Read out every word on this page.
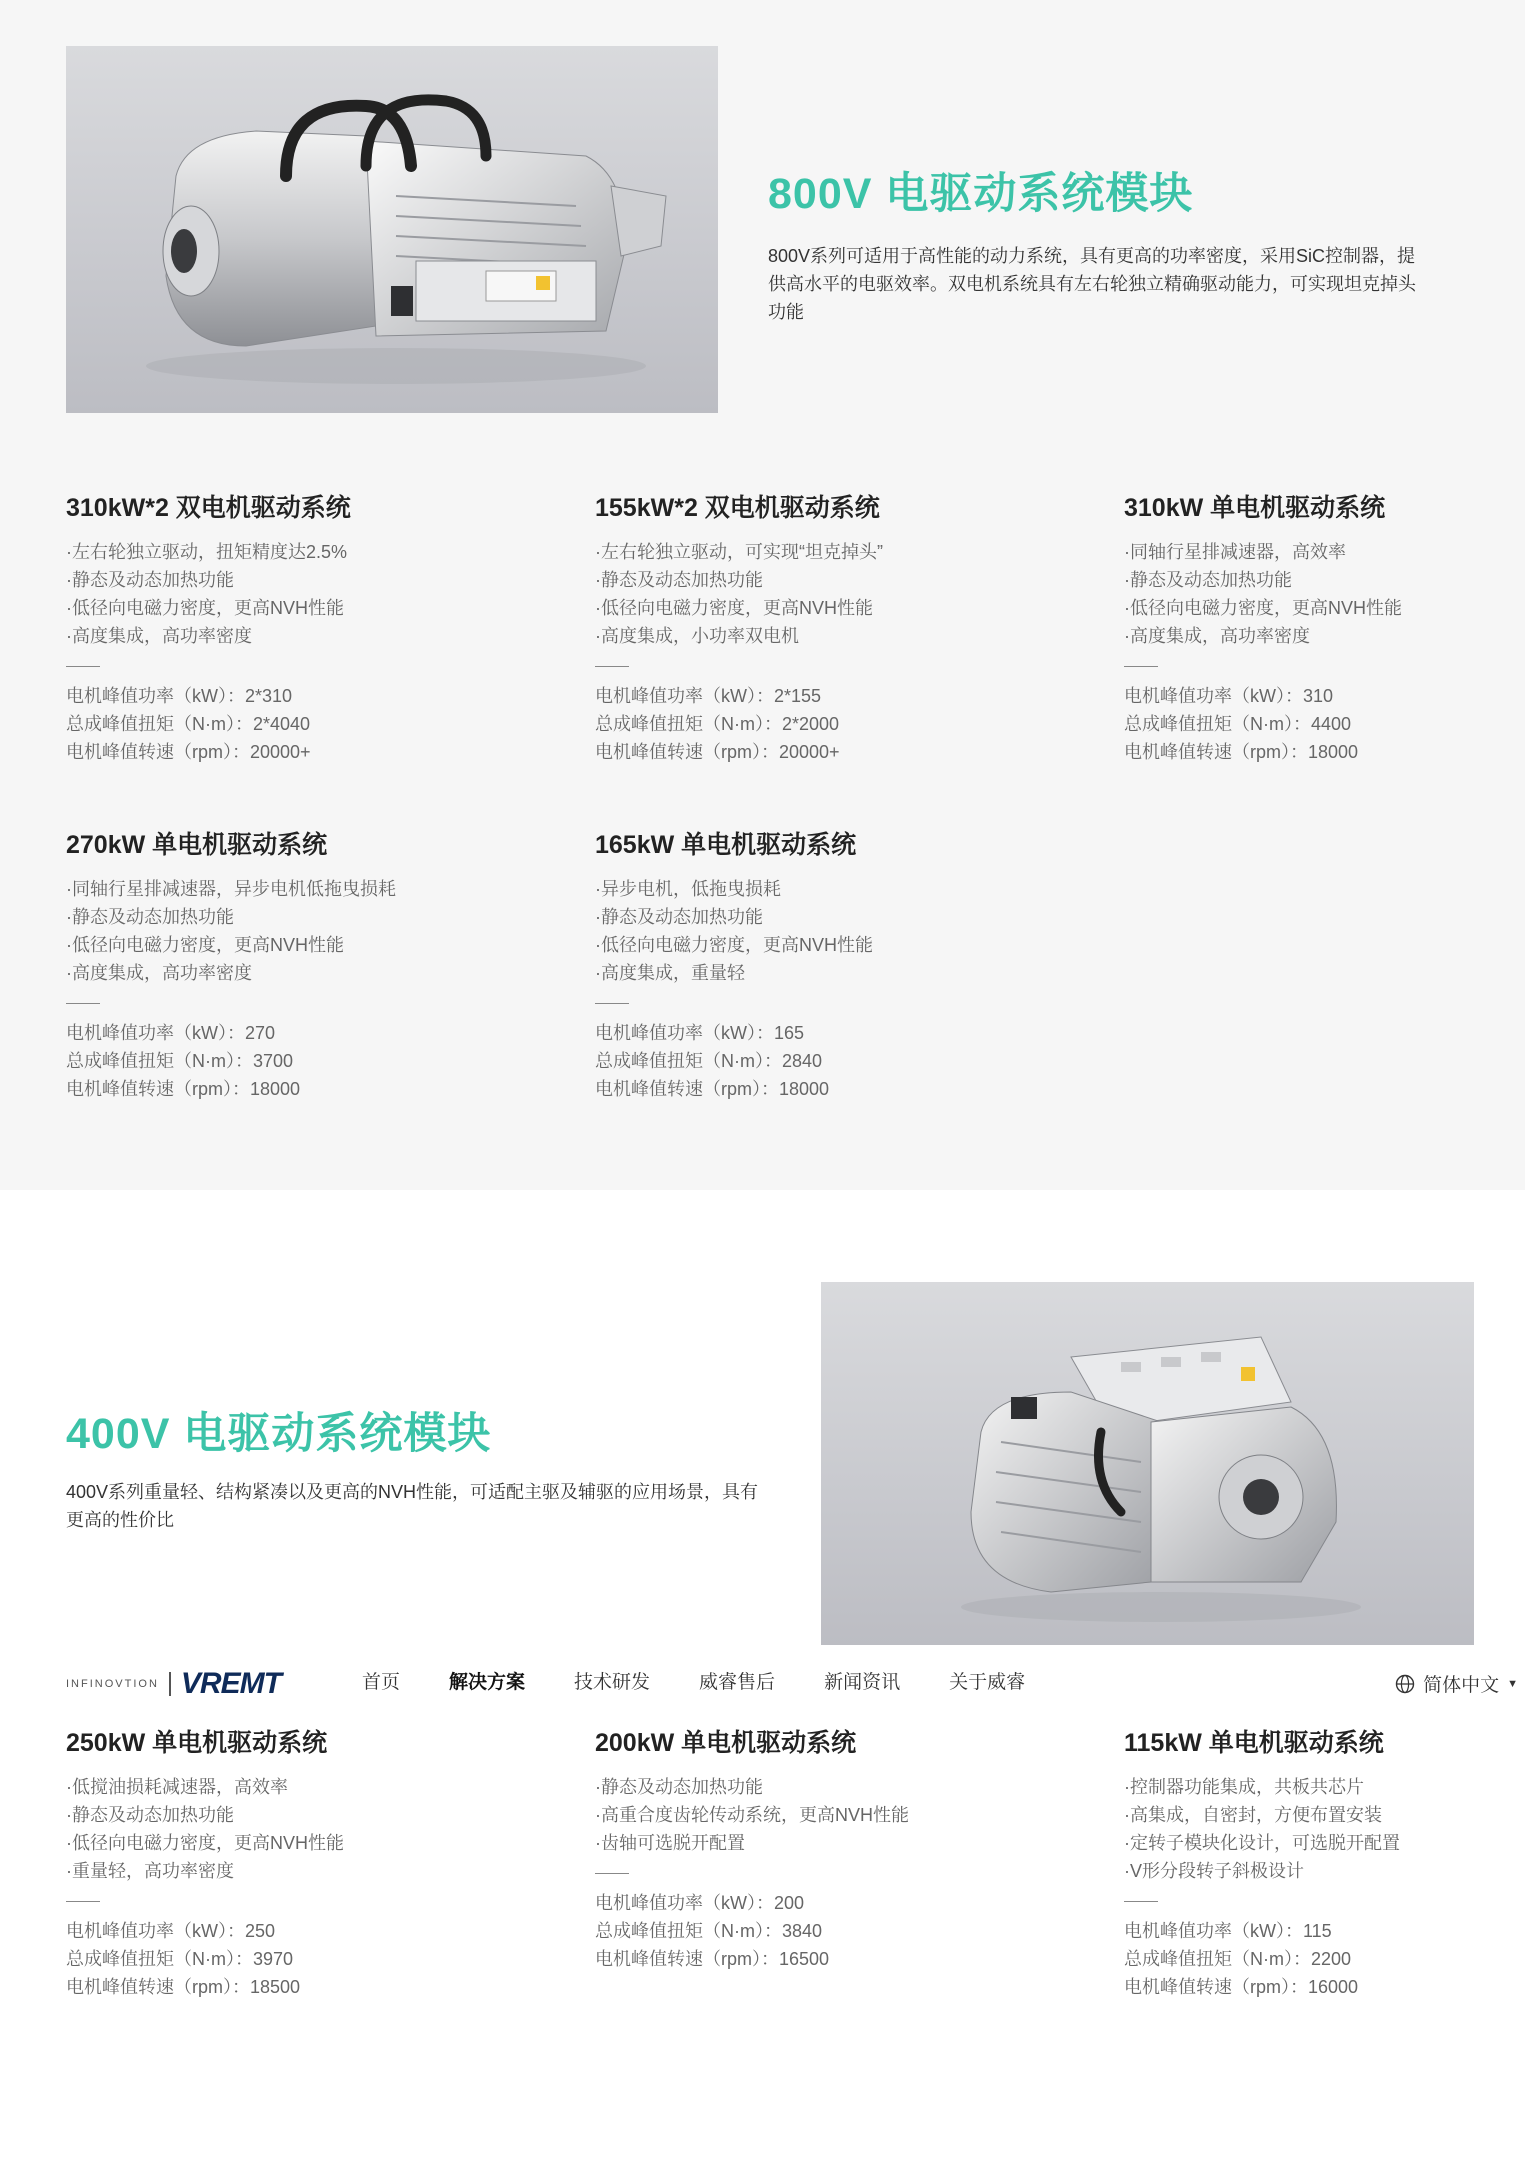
800V 电驱动系统模块

800V系列可适用于高性能的动力系统，具有更高的功率密度，采用SiC控制器，提供高水平的电驱效率。双电机系统具有左右轮独立精确驱动能力，可实现坦克掉头功能

310kW*2 双电机驱动系统
·左右轮独立驱动，扭矩精度达2.5%
·静态及动态加热功能
·低径向电磁力密度，更高NVH性能
·高度集成，高功率密度
电机峰值功率（kW）：2*310
总成峰值扭矩（N·m）：2*4040
电机峰值转速（rpm）：20000+
155kW*2 双电机驱动系统
·左右轮独立驱动，可实现“坦克掉头”
·静态及动态加热功能
·低径向电磁力密度，更高NVH性能
·高度集成，小功率双电机
电机峰值功率（kW）：2*155
总成峰值扭矩（N·m）：2*2000
电机峰值转速（rpm）：20000+
310kW 单电机驱动系统
·同轴行星排减速器，高效率
·静态及动态加热功能
·低径向电磁力密度，更高NVH性能
·高度集成，高功率密度
电机峰值功率（kW）：310
总成峰值扭矩（N·m）：4400
电机峰值转速（rpm）：18000
270kW 单电机驱动系统
·同轴行星排减速器，异步电机低拖曳损耗
·静态及动态加热功能
·低径向电磁力密度，更高NVH性能
·高度集成，高功率密度
电机峰值功率（kW）：270
总成峰值扭矩（N·m）：3700
电机峰值转速（rpm）：18000
165kW 单电机驱动系统
·异步电机，低拖曳损耗
·静态及动态加热功能
·低径向电磁力密度，更高NVH性能
·高度集成，重量轻
电机峰值功率（kW）：165
总成峰值扭矩（N·m）：2840
电机峰值转速（rpm）：18000
400V 电驱动系统模块

400V系列重量轻、结构紧凑以及更高的NVH性能，可适配主驱及辅驱的应用场景，具有更高的性价比

250kW 单电机驱动系统
·低搅油损耗减速器，高效率
·静态及动态加热功能
·低径向电磁力密度，更高NVH性能
·重量轻，高功率密度
电机峰值功率（kW）：250
总成峰值扭矩（N·m）：3970
电机峰值转速（rpm）：18500
200kW 单电机驱动系统
·静态及动态加热功能
·高重合度齿轮传动系统，更高NVH性能
·齿轴可选脱开配置
电机峰值功率（kW）：200
总成峰值扭矩（N·m）：3840
电机峰值转速（rpm）：16500
115kW 单电机驱动系统
·控制器功能集成，共板共芯片
·高集成，自密封，方便布置安装
·定转子模块化设计，可选脱开配置
·V形分段转子斜极设计
电机峰值功率（kW）：115
总成峰值扭矩（N·m）：2200
电机峰值转速（rpm）：16000
INFINOVTION VREMT	首页	解决方案	技术研发	威睿售后	新闻资讯	关于威睿	简体中文 ▼
